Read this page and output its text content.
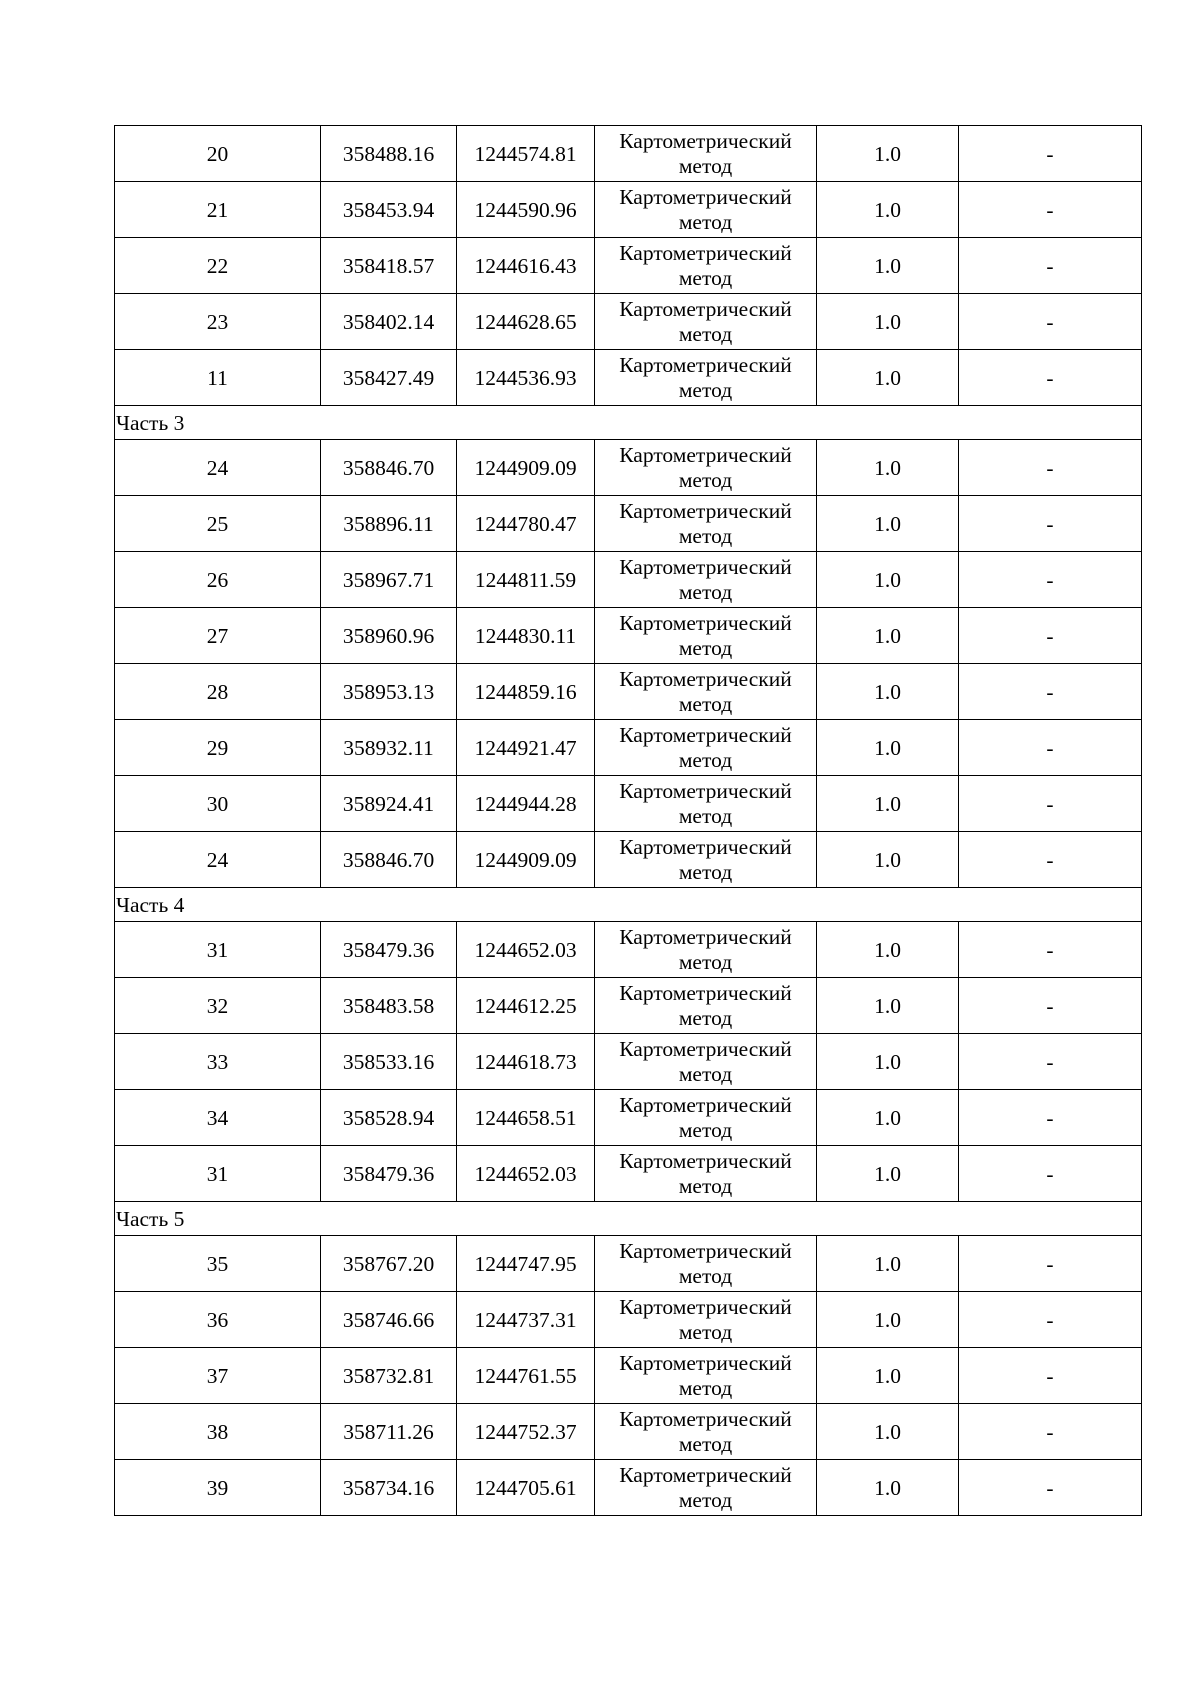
20	358488.16	1244574.81	Картометрический метод	1.0	-
21	358453.94	1244590.96	Картометрический метод	1.0	-
22	358418.57	1244616.43	Картометрический метод	1.0	-
23	358402.14	1244628.65	Картометрический метод	1.0	-
11	358427.49	1244536.93	Картометрический метод	1.0	-
Часть 3					
24	358846.70	1244909.09	Картометрический метод	1.0	-
25	358896.11	1244780.47	Картометрический метод	1.0	-
26	358967.71	1244811.59	Картометрический метод	1.0	-
27	358960.96	1244830.11	Картометрический метод	1.0	-
28	358953.13	1244859.16	Картометрический метод	1.0	-
29	358932.11	1244921.47	Картометрический метод	1.0	-
30	358924.41	1244944.28	Картометрический метод	1.0	-
24	358846.70	1244909.09	Картометрический метод	1.0	-
Часть 4					
31	358479.36	1244652.03	Картометрический метод	1.0	-
32	358483.58	1244612.25	Картометрический метод	1.0	-
33	358533.16	1244618.73	Картометрический метод	1.0	-
34	358528.94	1244658.51	Картометрический метод	1.0	-
31	358479.36	1244652.03	Картометрический метод	1.0	-
Часть 5					
35	358767.20	1244747.95	Картометрический метод	1.0	-
36	358746.66	1244737.31	Картометрический метод	1.0	-
37	358732.81	1244761.55	Картометрический метод	1.0	-
38	358711.26	1244752.37	Картометрический метод	1.0	-
39	358734.16	1244705.61	Картометрический метод	1.0	-
